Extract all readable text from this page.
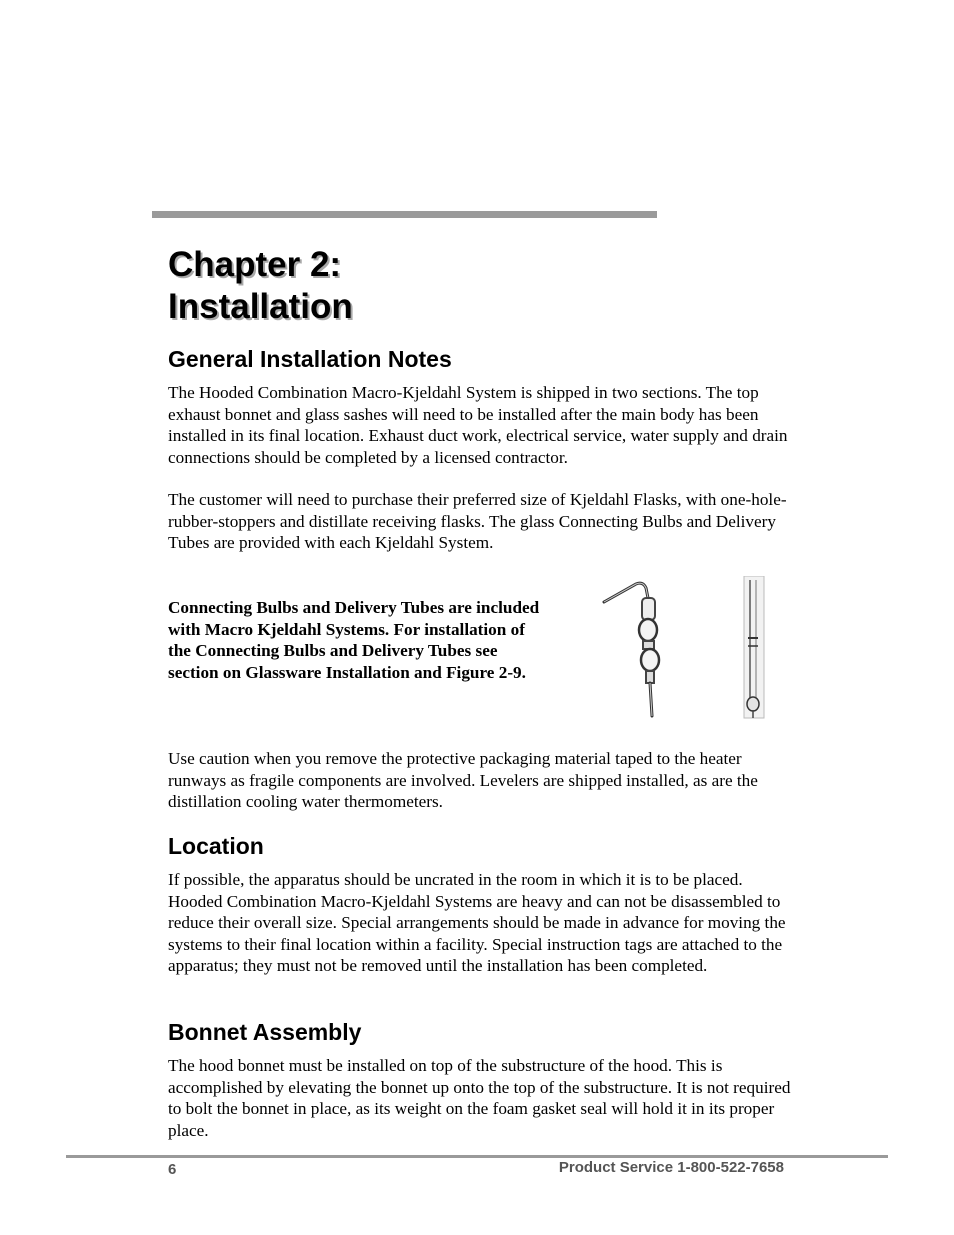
Chapter 2:
Installation
General Installation Notes

The Hooded Combination Macro-Kjeldahl System is shipped in two sections. The top exhaust bonnet and glass sashes will need to be installed after the main body has been installed in its final location. Exhaust duct work, electrical service, water supply and drain connections should be completed by a licensed contractor.

The customer will need to purchase their preferred size of Kjeldahl Flasks, with one-hole-rubber-stoppers and distillate receiving flasks. The glass Connecting Bulbs and Delivery Tubes are provided with each Kjeldahl System.

Connecting Bulbs and Delivery Tubes are included with Macro Kjeldahl Systems. For installation of the Connecting Bulbs and Delivery Tubes see section on Glassware Installation and Figure 2-9.

Use caution when you remove the protective packaging material taped to the heater runways as fragile components are involved. Levelers are shipped installed, as are the distillation cooling water thermometers.

Location

If possible, the apparatus should be uncrated in the room in which it is to be placed. Hooded Combination Macro-Kjeldahl Systems are heavy and can not be disassembled to reduce their overall size. Special arrangements should be made in advance for moving the systems to their final location within a facility. Special instruction tags are attached to the apparatus; they must not be removed until the installation has been completed.

Bonnet Assembly

The hood bonnet must be installed on top of the substructure of the hood. This is accomplished by elevating the bonnet up onto the top of the substructure. It is not required to bolt the bonnet in place, as its weight on the foam gasket seal will hold it in its proper place.

6	Product Service 1-800-522-7658
